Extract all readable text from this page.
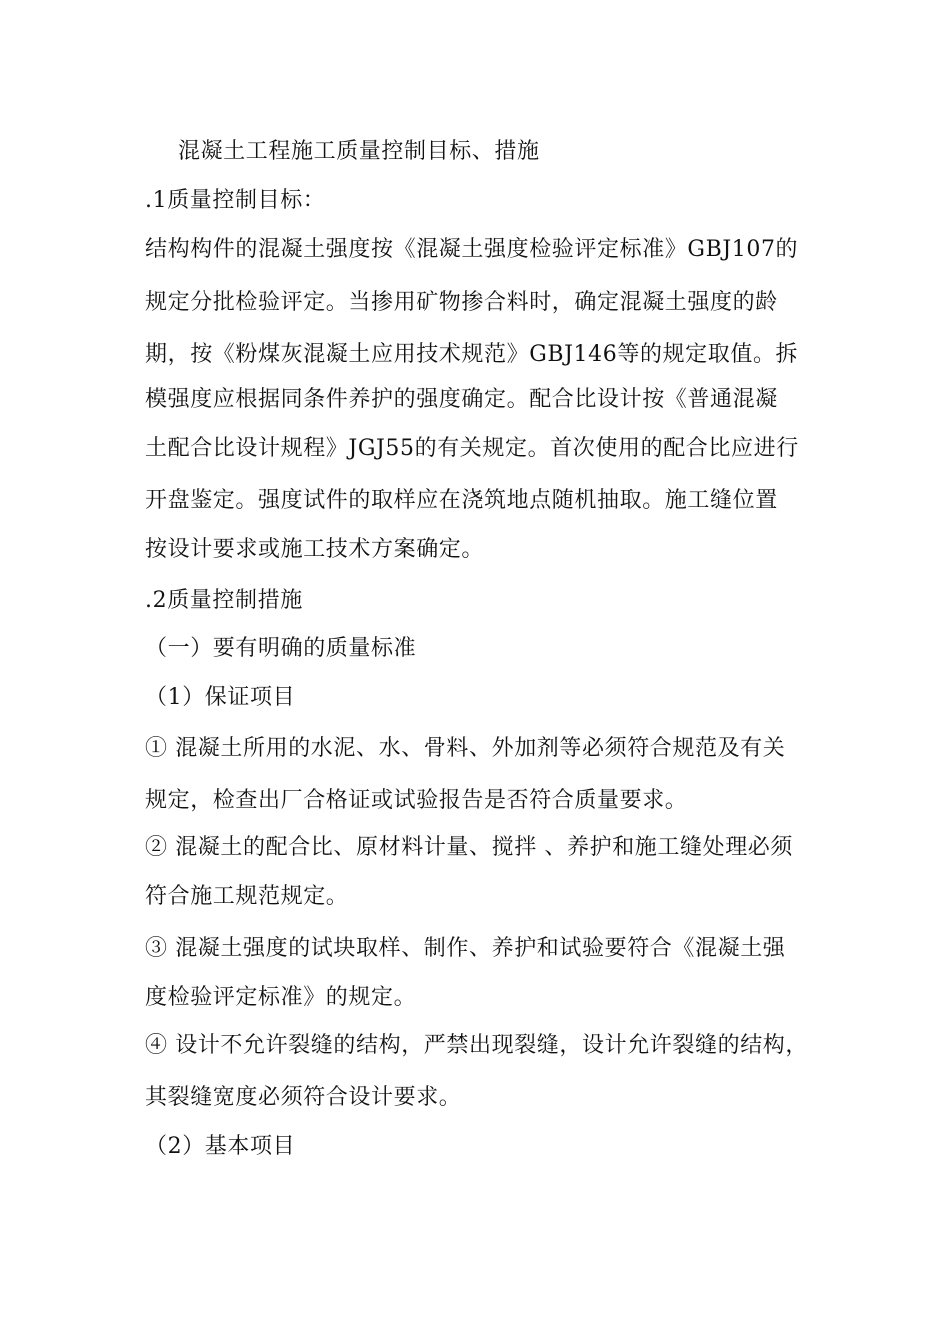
混凝土工程施工质量控制目标、措施
.1质量控制目标：
结构构件的混凝土强度按《混凝土强度检验评定标准》GBJ107的
规定分批检验评定。当掺用矿物掺合料时，确定混凝土强度的龄
期，按《粉煤灰混凝土应用技术规范》GBJ146等的规定取值。拆
模强度应根据同条件养护的强度确定。配合比设计按《普通混凝
土配合比设计规程》JGJ55的有关规定。首次使用的配合比应进行
开盘鉴定。强度试件的取样应在浇筑地点随机抽取。施工缝位置
按设计要求或施工技术方案确定。
.2质量控制措施
（一）要有明确的质量标准
（1）保证项目
① 混凝土所用的水泥、水、骨料、外加剂等必须符合规范及有关
规定，检查出厂合格证或试验报告是否符合质量要求。
② 混凝土的配合比、原材料计量、搅拌 、养护和施工缝处理必须
符合施工规范规定。
③ 混凝土强度的试块取样、制作、养护和试验要符合《混凝土强
度检验评定标准》的规定。
④ 设计不允许裂缝的结构，严禁出现裂缝，设计允许裂缝的结构，
其裂缝宽度必须符合设计要求。
（2）基本项目
